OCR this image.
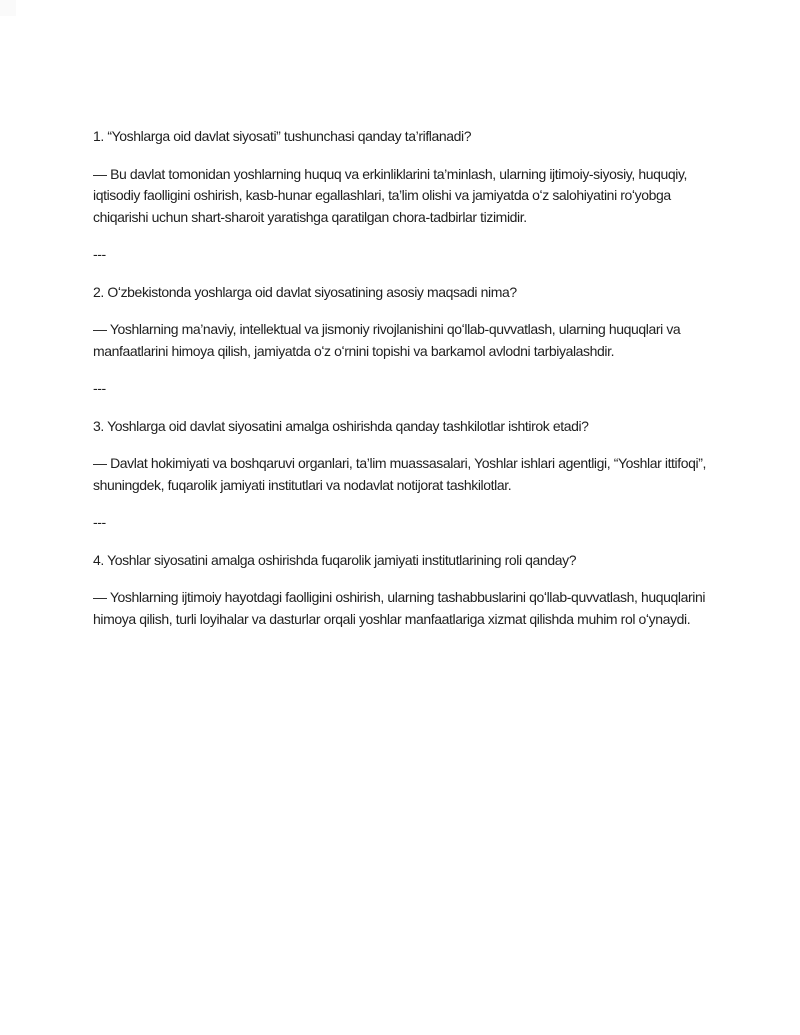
1. “Yoshlarga oid davlat siyosati” tushunchasi qanday ta’riflanadi?

— Bu davlat tomonidan yoshlarning huquq va erkinliklarini ta’minlash, ularning ijtimoiy-siyosiy, huquqiy, iqtisodiy faolligini oshirish, kasb-hunar egallashlari, ta’lim olishi va jamiyatda oʻz salohiyatini roʻyobga chiqarishi uchun shart-sharoit yaratishga qaratilgan chora-tadbirlar tizimidir.

---

2. Oʻzbekistonda yoshlarga oid davlat siyosatining asosiy maqsadi nima?

— Yoshlarning ma’naviy, intellektual va jismoniy rivojlanishini qoʻllab-quvvatlash, ularning huquqlari va manfaatlarini himoya qilish, jamiyatda oʻz oʻrnini topishi va barkamol avlodni tarbiyalashdir.

---

3. Yoshlarga oid davlat siyosatini amalga oshirishda qanday tashkilotlar ishtirok etadi?

— Davlat hokimiyati va boshqaruvi organlari, ta’lim muassasalari, Yoshlar ishlari agentligi, “Yoshlar ittifoqi”, shuningdek, fuqarolik jamiyati institutlari va nodavlat notijorat tashkilotlar.

---

4. Yoshlar siyosatini amalga oshirishda fuqarolik jamiyati institutlarining roli qanday?

— Yoshlarning ijtimoiy hayotdagi faolligini oshirish, ularning tashabbuslarini qoʻllab-quvvatlash, huquqlarini himoya qilish, turli loyihalar va dasturlar orqali yoshlar manfaatlariga xizmat qilishda muhim rol oʻynaydi.
